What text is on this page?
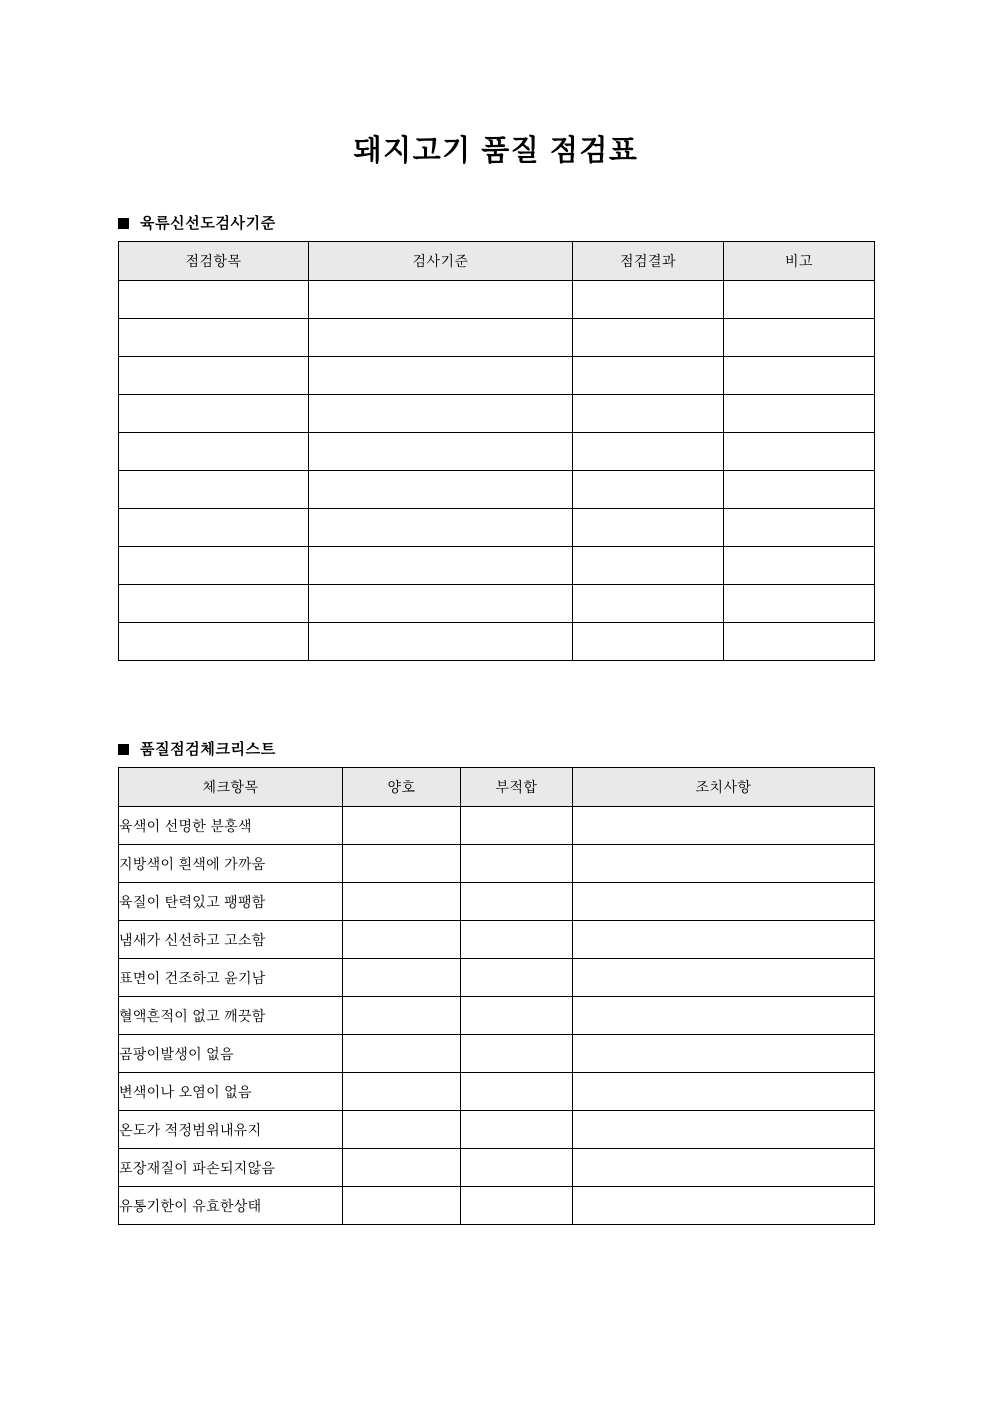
돼지고기 품질 점검표
육류신선도검사기준
점검항목	검사기준	점검결과	비고

품질점검체크리스트
체크항목	양호	부적합	조치사항
육색이 선명한 분홍색			
지방색이 흰색에 가까움			
육질이 탄력있고 팽팽함			
냄새가 신선하고 고소함			
표면이 건조하고 윤기남			
혈액흔적이 없고 깨끗함			
곰팡이발생이 없음			
변색이나 오염이 없음			
온도가 적정범위내유지			
포장재질이 파손되지않음			
유통기한이 유효한상태			
